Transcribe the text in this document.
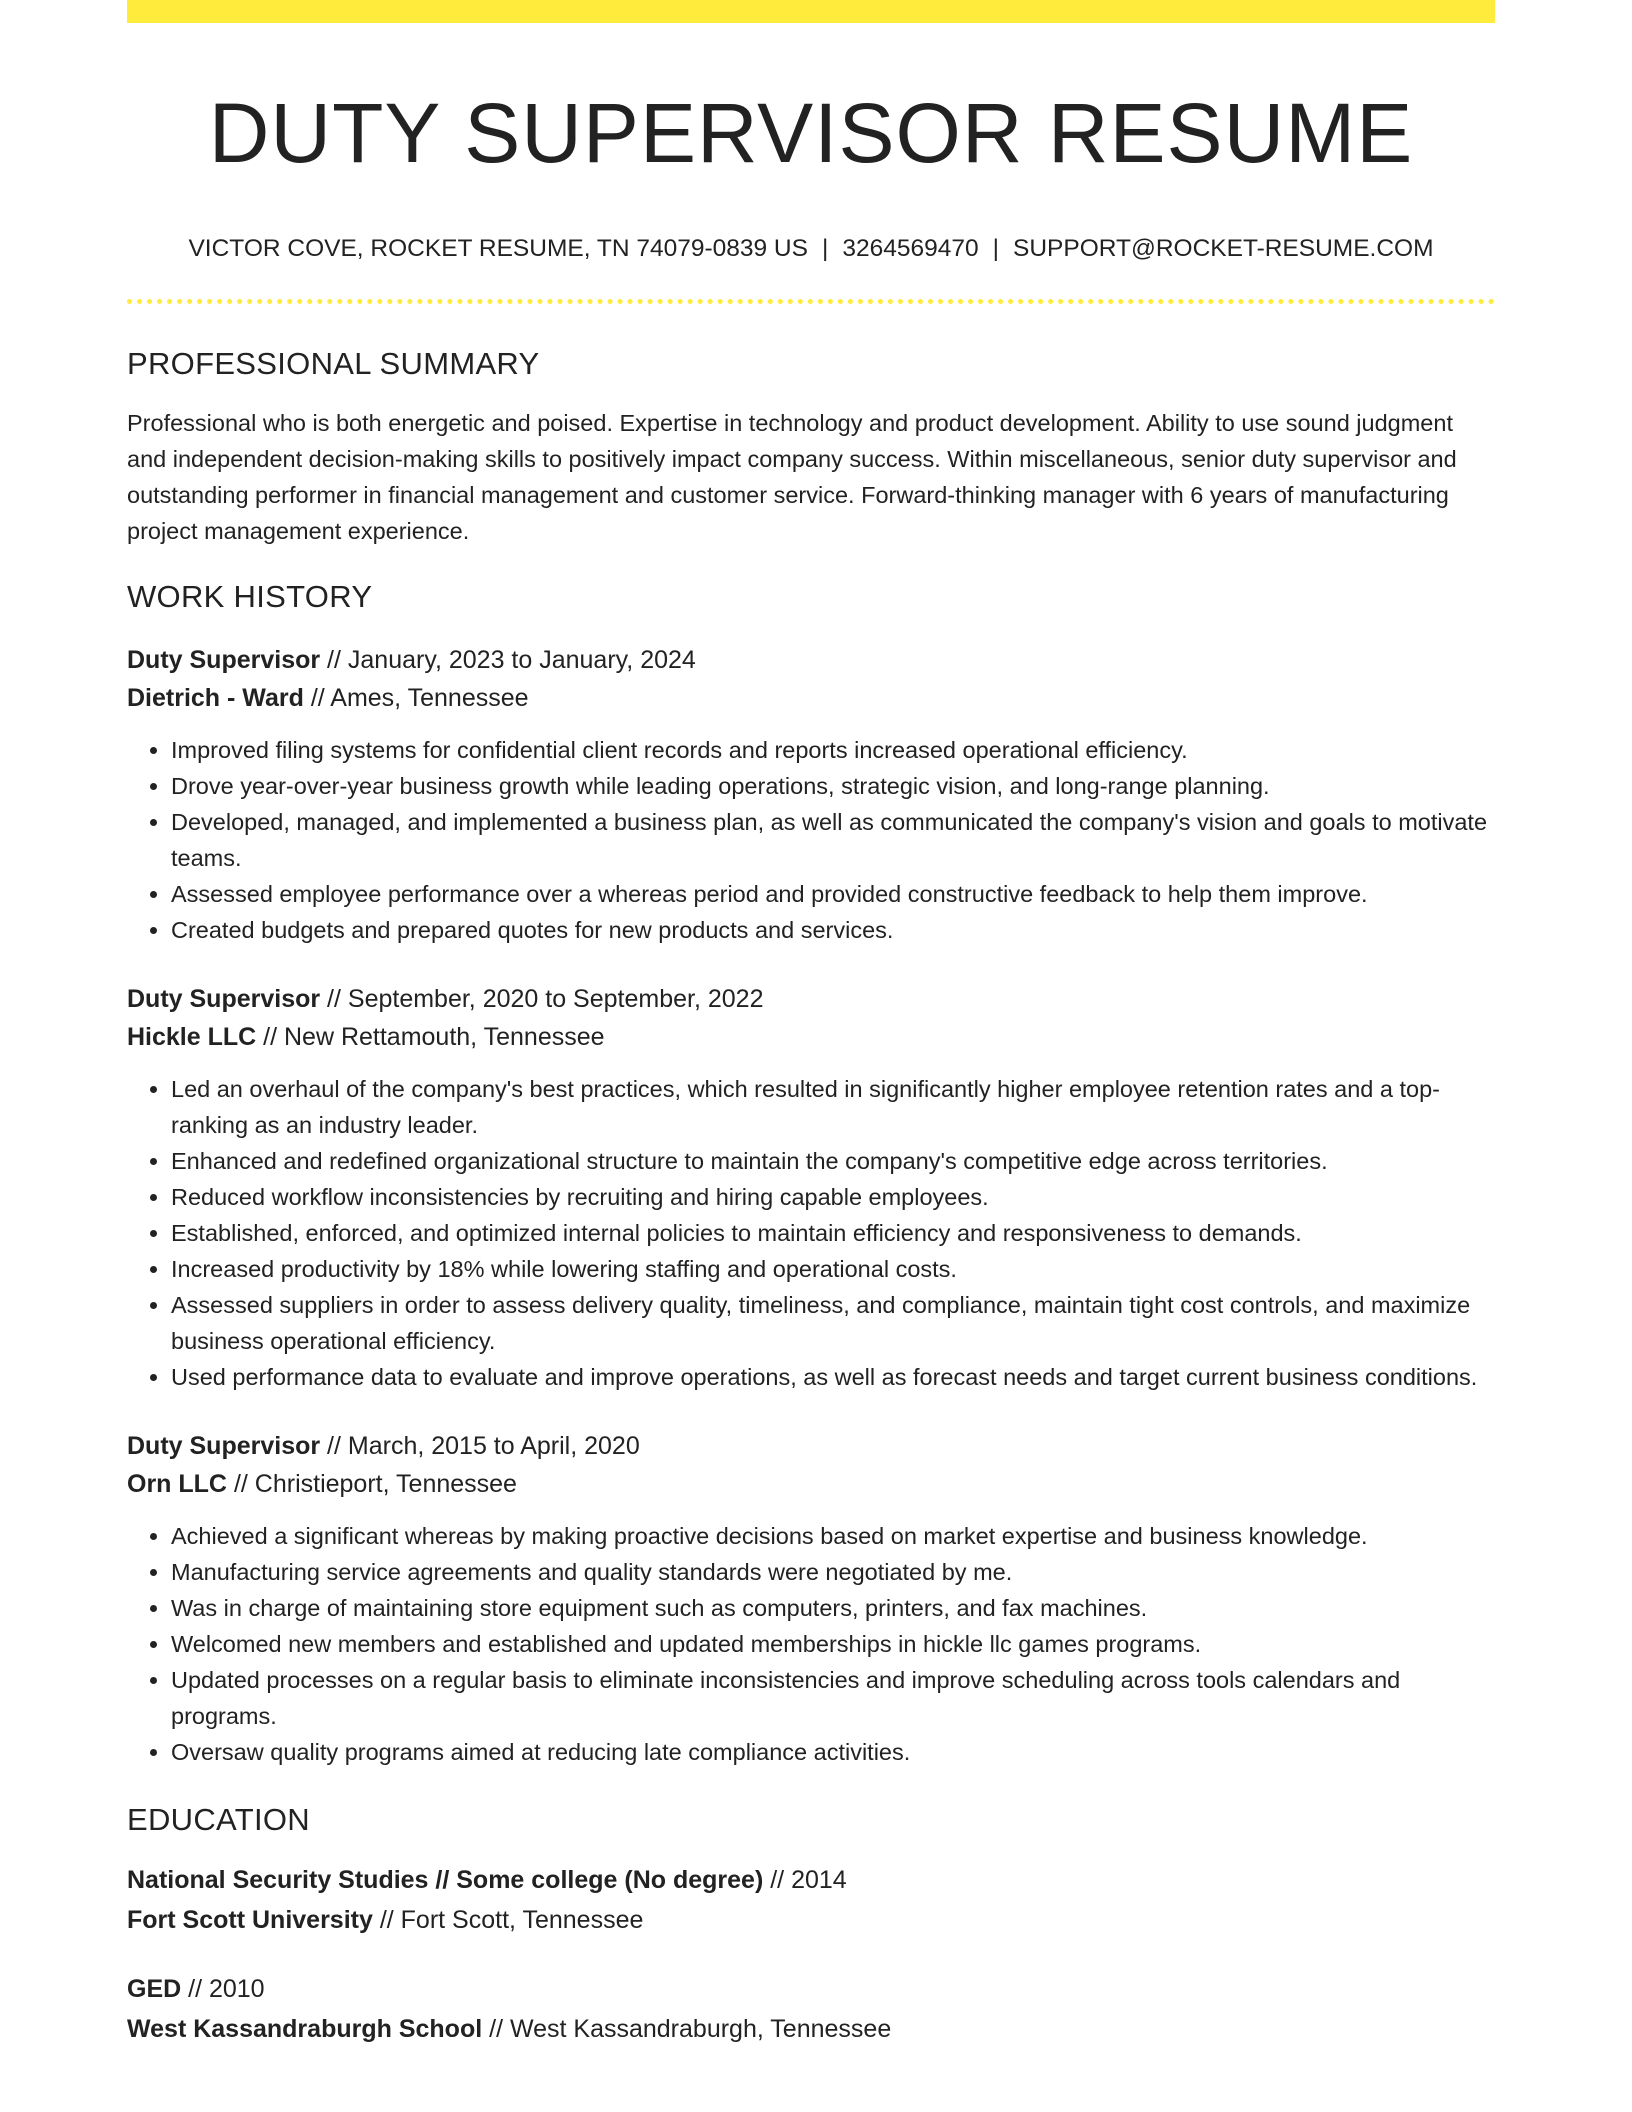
DUTY SUPERVISOR RESUME
VICTOR COVE, ROCKET RESUME, TN 74079-0839 US | 3264569470 | SUPPORT@ROCKET-RESUME.COM
PROFESSIONAL SUMMARY

Professional who is both energetic and poised. Expertise in technology and product development. Ability to use sound judgment and independent decision-making skills to positively impact company success. Within miscellaneous, senior duty supervisor and outstanding performer in financial management and customer service. Forward-thinking manager with 6 years of manufacturing project management experience.

WORK HISTORY
Duty Supervisor // January, 2023 to January, 2024
Dietrich - Ward // Ames, Tennessee
• Improved filing systems for confidential client records and reports increased operational efficiency.
• Drove year-over-year business growth while leading operations, strategic vision, and long-range planning.
• Developed, managed, and implemented a business plan, as well as communicated the company's vision and goals to motivate teams.
• Assessed employee performance over a whereas period and provided constructive feedback to help them improve.
• Created budgets and prepared quotes for new products and services.
Duty Supervisor // September, 2020 to September, 2022
Hickle LLC // New Rettamouth, Tennessee
• Led an overhaul of the company's best practices, which resulted in significantly higher employee retention rates and a top-ranking as an industry leader.
• Enhanced and redefined organizational structure to maintain the company's competitive edge across territories.
• Reduced workflow inconsistencies by recruiting and hiring capable employees.
• Established, enforced, and optimized internal policies to maintain efficiency and responsiveness to demands.
• Increased productivity by 18% while lowering staffing and operational costs.
• Assessed suppliers in order to assess delivery quality, timeliness, and compliance, maintain tight cost controls, and maximize business operational efficiency.
• Used performance data to evaluate and improve operations, as well as forecast needs and target current business conditions.
Duty Supervisor // March, 2015 to April, 2020
Orn LLC // Christieport, Tennessee
• Achieved a significant whereas by making proactive decisions based on market expertise and business knowledge.
• Manufacturing service agreements and quality standards were negotiated by me.
• Was in charge of maintaining store equipment such as computers, printers, and fax machines.
• Welcomed new members and established and updated memberships in hickle llc games programs.
• Updated processes on a regular basis to eliminate inconsistencies and improve scheduling across tools calendars and programs.
• Oversaw quality programs aimed at reducing late compliance activities.
EDUCATION
National Security Studies // Some college (No degree) // 2014
Fort Scott University // Fort Scott, Tennessee
GED // 2010
West Kassandraburgh School // West Kassandraburgh, Tennessee
